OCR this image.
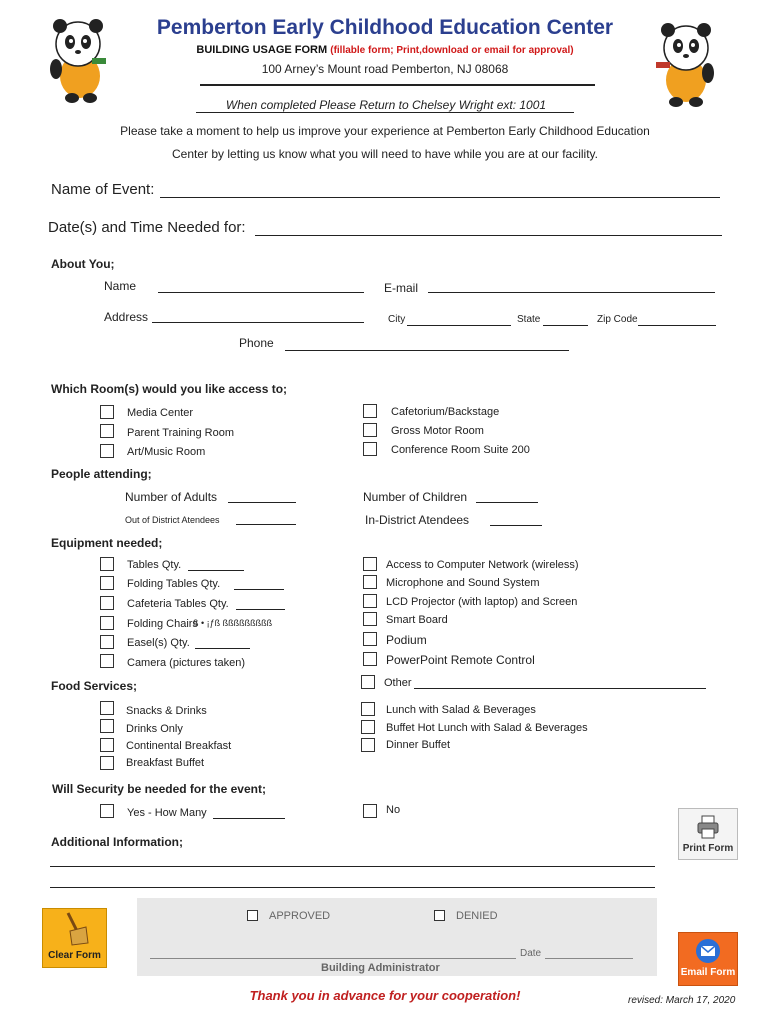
Pemberton Early Childhood Education Center
BUILDING USAGE FORM (fillable form; Print,download or email for approval)
100 Arney’s Mount road Pemberton, NJ 08068
When completed Please Return to Chelsey Wright ext: 1001
Please take a moment to help us improve your experience at Pemberton Early Childhood Education
Center by letting us know what you will need to have while you are at our facility.
Name of Event:
Date(s) and Time Needed for:
About You;
Name	E-mail
Address	City	State	Zip Code
Phone
Which Room(s) would you like access to;
Media Center
Parent Training Room
Art/Music Room
Cafetorium/Backstage
Gross Motor Room
Conference Room Suite 200
People attending;
Number of Adults	Number of Children
Out of District Atendees	In-District Atendees
Equipment needed;
Tables Qty.
Folding Tables Qty.
Cafeteria Tables Qty.
Folding Chairs
ß • ¡ƒß ßßßßßßßßß
Easel(s) Qty.
Camera (pictures taken)
Access to Computer Network (wireless)
Microphone and Sound System
LCD Projector (with laptop) and Screen
Smart Board
Podium
PowerPoint Remote Control
Other
Food Services;
Snacks & Drinks
Drinks Only
Continental Breakfast
Breakfast Buffet
Lunch with Salad & Beverages
Buffet Hot Lunch with Salad & Beverages
Dinner Buffet
Will Security be needed for the event;
Yes - How Many	No
Additional Information;	Print Form
APPROVED	DENIED
Date
Building Administrator
Clear Form
Email Form
Thank you in advance for your cooperation!	revised: March 17, 2020
